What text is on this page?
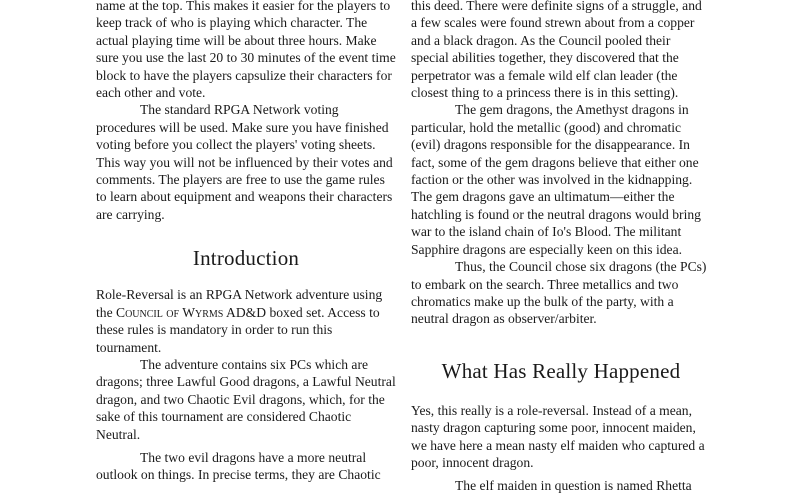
name at the top. This makes it easier for the players to keep track of who is playing which character. The actual playing time will be about three hours. Make sure you use the last 20 to 30 minutes of the event time block to have the players capsulize their characters for each other and vote.

The standard RPGA Network voting procedures will be used. Make sure you have finished voting before you collect the players' voting sheets. This way you will not be influenced by their votes and comments. The players are free to use the game rules to learn about equipment and weapons their characters are carrying.

Introduction

Role-Reversal is an RPGA Network adventure using the Council of Wyrms AD&D boxed set. Access to these rules is mandatory in order to run this tournament.

The adventure contains six PCs which are dragons; three Lawful Good dragons, a Lawful Neutral dragon, and two Chaotic Evil dragons, which, for the sake of this tournament are considered Chaotic Neutral.

The two evil dragons have a more neutral outlook on things. In precise terms, they are Chaotic

this deed. There were definite signs of a struggle, and a few scales were found strewn about from a copper and a black dragon. As the Council pooled their special abilities together, they discovered that the perpetrator was a female wild elf clan leader (the closest thing to a princess there is in this setting).

The gem dragons, the Amethyst dragons in particular, hold the metallic (good) and chromatic (evil) dragons responsible for the disappearance. In fact, some of the gem dragons believe that either one faction or the other was involved in the kidnapping. The gem dragons gave an ultimatum—either the hatchling is found or the neutral dragons would bring war to the island chain of Io's Blood. The militant Sapphire dragons are especially keen on this idea.

Thus, the Council chose six dragons (the PCs) to embark on the search. Three metallics and two chromatics make up the bulk of the party, with a neutral dragon as observer/arbiter.

What Has Really Happened

Yes, this really is a role-reversal. Instead of a mean, nasty dragon capturing some poor, innocent maiden, we have here a mean nasty elf maiden who captured a poor, innocent dragon.

The elf maiden in question is named Rhetta
